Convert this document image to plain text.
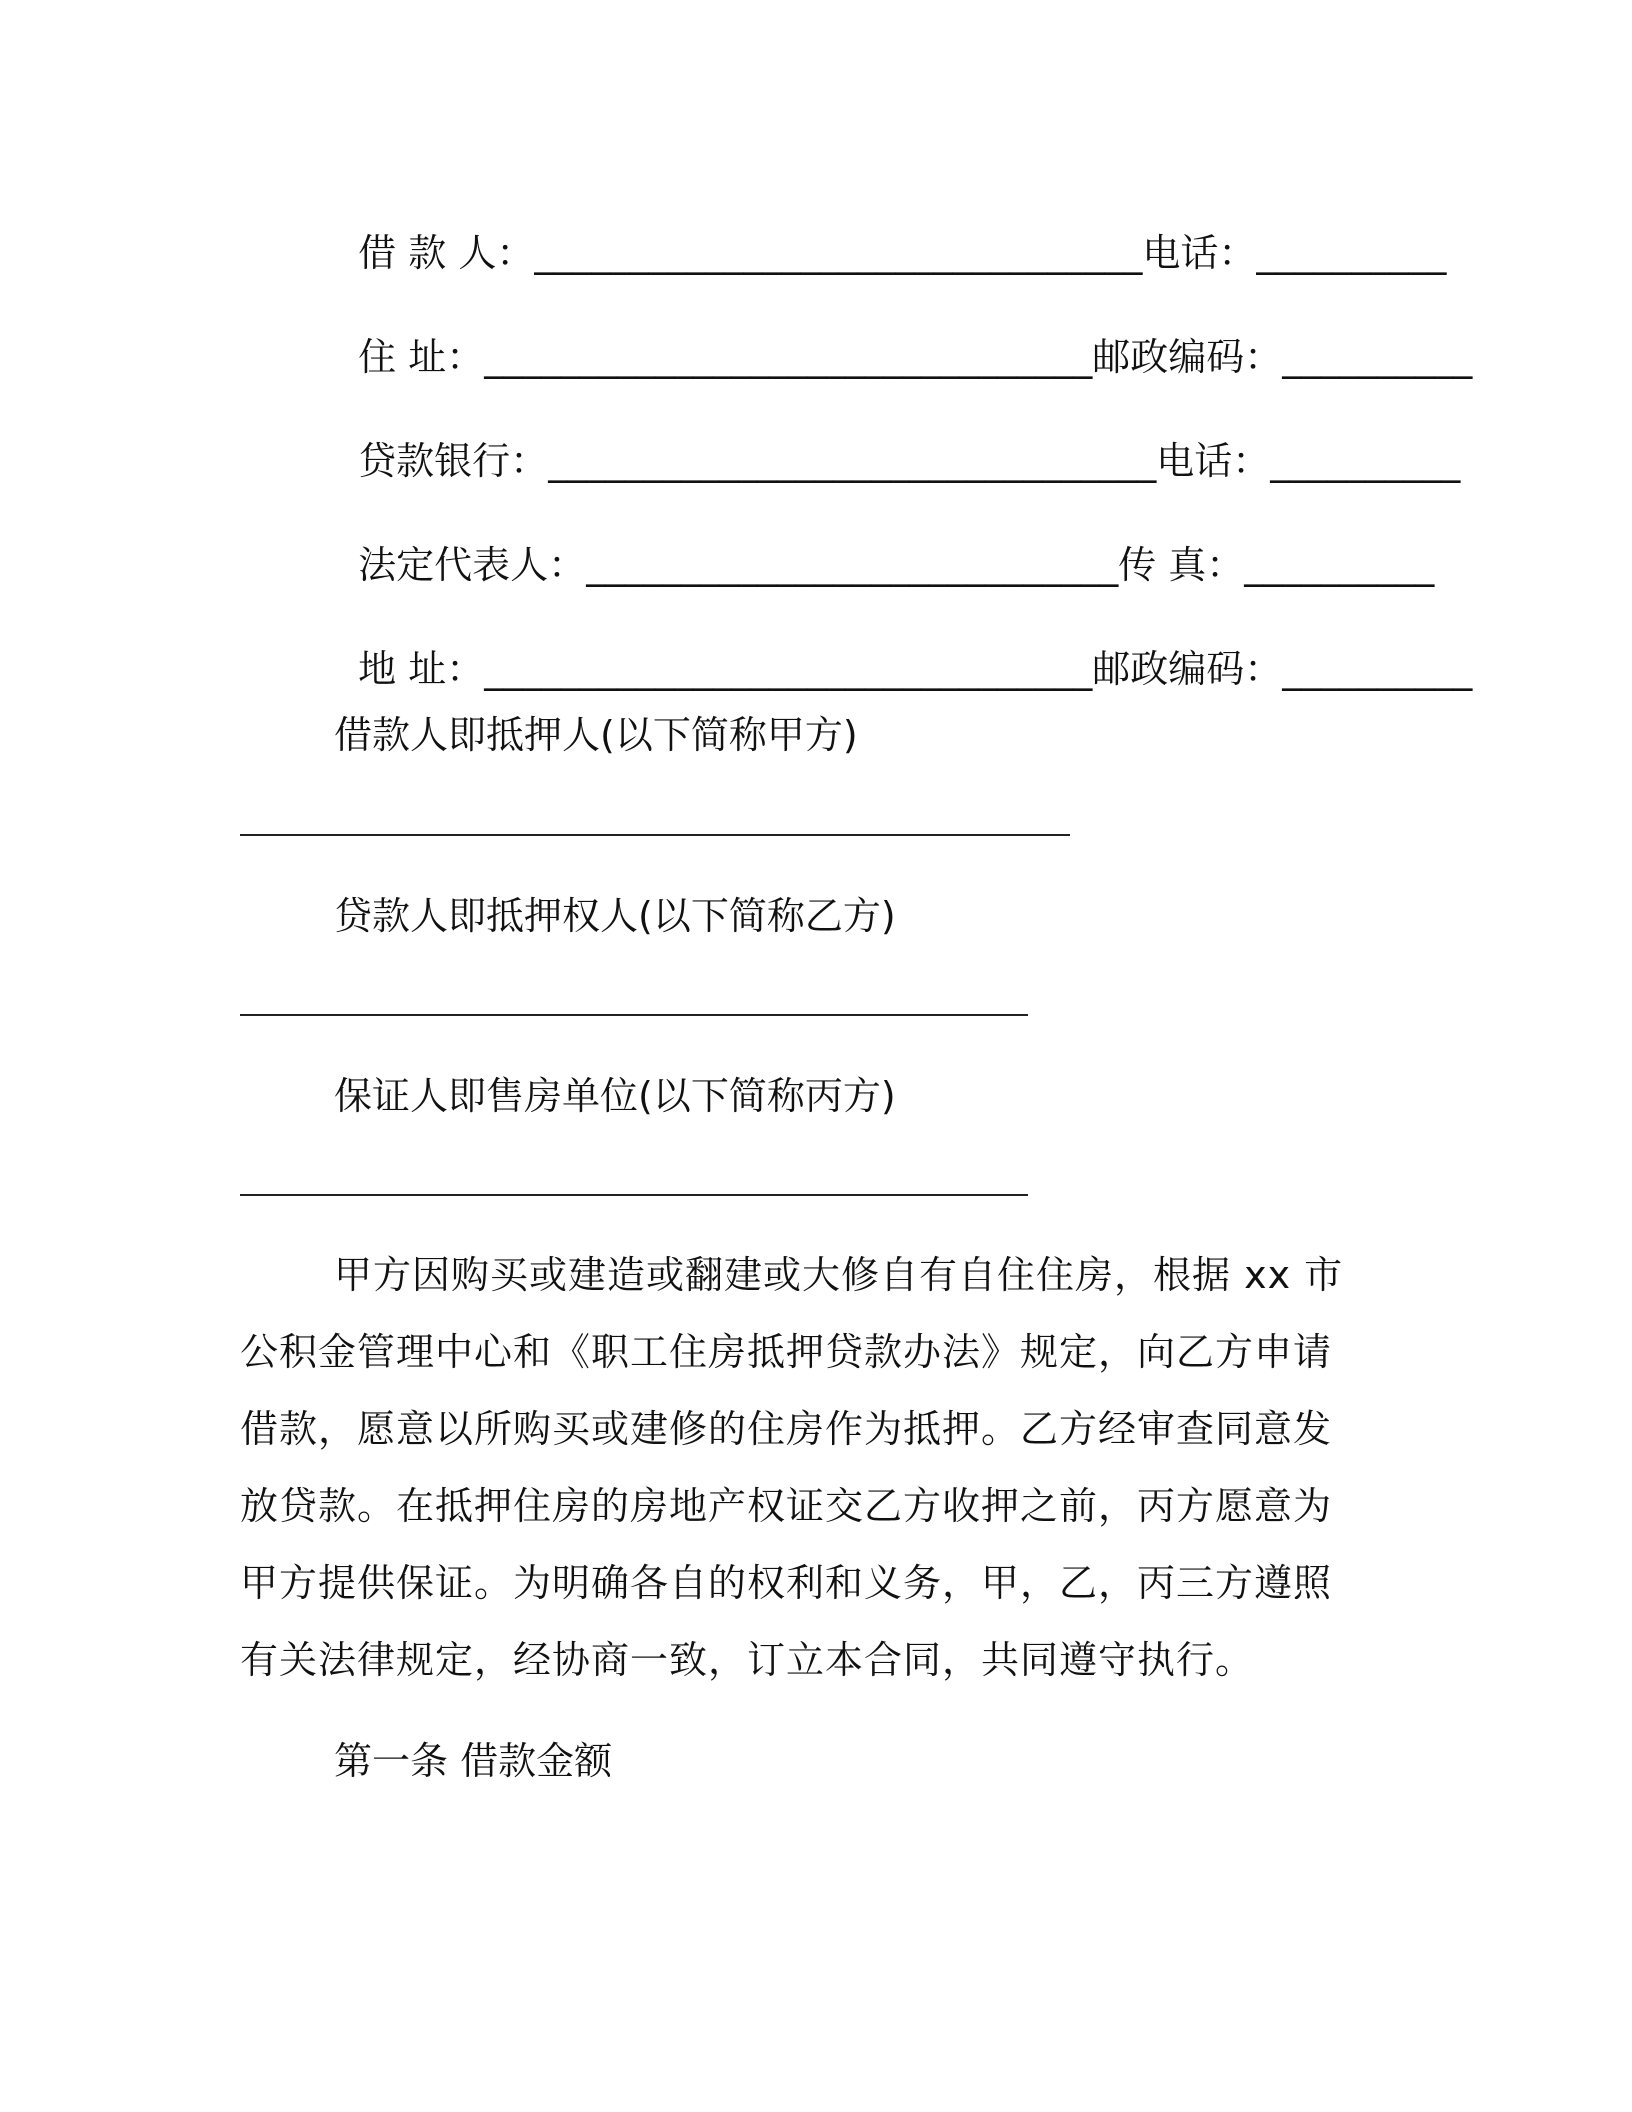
借 款 人：________________________________电话：__________

住 址：________________________________邮政编码：__________

贷款银行：________________________________电话：__________

法定代表人：____________________________传 真：__________

地 址：________________________________邮政编码：__________

借款人即抵押人(以下简称甲方)
贷款人即抵押权人(以下简称乙方)
保证人即售房单位(以下简称丙方)

甲方因购买或建造或翻建或大修自有自住住房，根据 xx 市公积金管理中心和《职工住房抵押贷款办法》规定，向乙方申请借款，愿意以所购买或建修的住房作为抵押。乙方经审查同意发放贷款。在抵押住房的房地产权证交乙方收押之前，丙方愿意为甲方提供保证。为明确各自的权利和义务，甲，乙，丙三方遵照有关法律规定，经协商一致，订立本合同，共同遵守执行。

第一条 借款金额
